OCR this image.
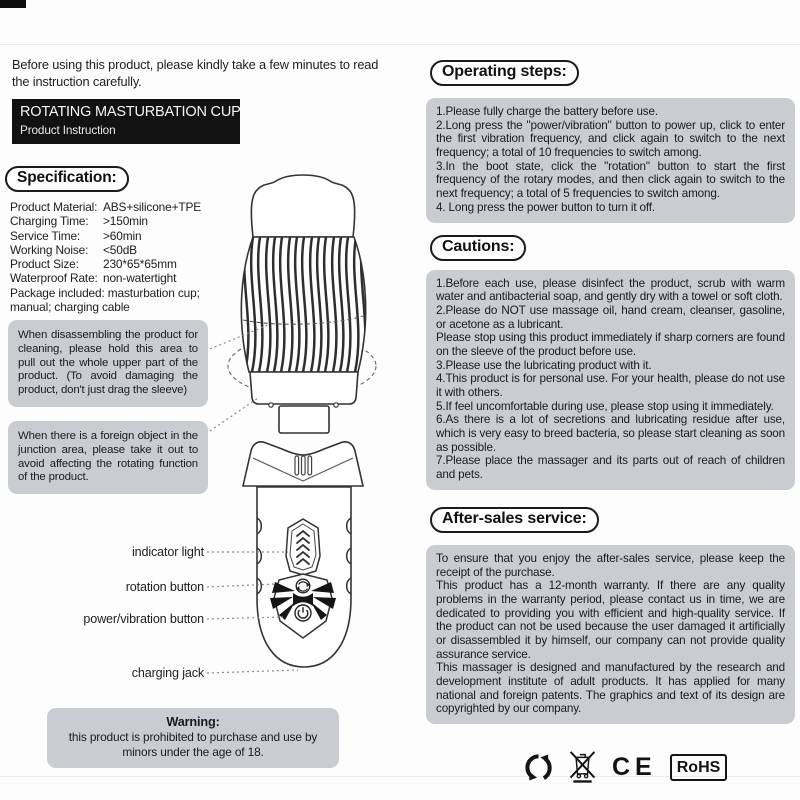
Before using this product, please kindly take a few minutes to read the instruction carefully.
ROTATING MASTURBATION CUP
Product Instruction
Specification:
Product Material: ABS+silicone+TPE
Charging Time:	>150min
Service Time:	>60min
Working Noise:	<50dB
Product Size:	230*65*65mm
Waterproof Rate: non-watertight
Package included: masturbation cup; manual; charging cable
When disassembling the product for cleaning, please hold this area to pull out the whole upper part of the product. (To avoid damaging the product, don't just drag the sleeve)
When there is a foreign object in the junction area, please take it out to avoid affecting the rotating function of the product.
indicator light
rotation button
power/vibration button
charging jack
Warning:
this product is prohibited to purchase and use by minors under the age of 18.
Operating steps:

1.Please fully charge the battery before use.

2.Long press the "power/vibration" button to power up, click to enter the first vibration frequency, and click again to switch to the next frequency; a total of 10 frequencies to switch among.

3.In the boot state, click the "rotation" button to start the first frequency of the rotary modes, and then click again to switch to the next frequency; a total of 5 frequencies to switch among.

4. Long press the power button to turn it off.

Cautions:

1.Before each use, please disinfect the product, scrub with warm water and antibacterial soap, and gently dry with a towel or soft cloth.

2.Please do NOT use massage oil, hand cream, cleanser, gasoline, or acetone as a lubricant.

Please stop using this product immediately if sharp corners are found on the sleeve of the product before use.

3.Please use the lubricating product with it.

4.This product is for personal use. For your health, please do not use it with others.

5.If feel uncomfortable during use, please stop using it immediately.

6.As there is a lot of secretions and lubricating residue after use, which is very easy to breed bacteria, so please start cleaning as soon as possible.

7.Please place the massager and its parts out of reach of children and pets.

After-sales service:

To ensure that you enjoy the after-sales service, please keep the receipt of the purchase.

This product has a 12-month warranty. If there are any quality problems in the warranty period, please contact us in time, we are dedicated to providing you with efficient and high-quality service. If the product can not be used because the user damaged it artificially or disassembled it by himself, our company can not provide quality assurance service.

This massager is designed and manufactured by the research and development institute of adult products. It has applied for many national and foreign patents. The graphics and text of its design are copyrighted by our company.

CE	RoHS
